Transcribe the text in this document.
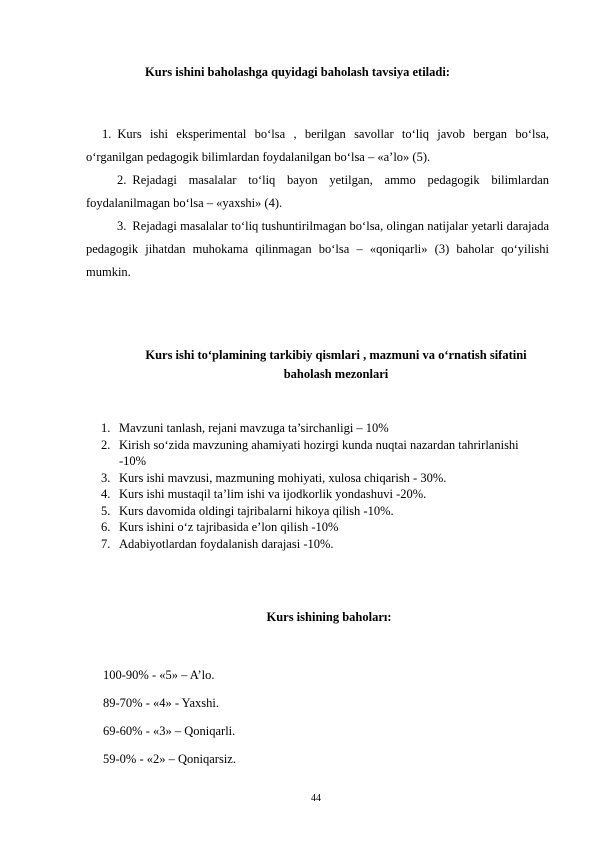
Kurs ishini baholashga quyidagi baholash tavsiya etiladi:
1. Kurs ishi eksperimental bo‘lsa , berilgan savollar to‘liq javob bergan bo‘lsa, o‘rganilgan pedagogik bilimlardan foydalanilgan bo‘lsa – «a’lo» (5).
2. Rejadagi masalalar to‘liq bayon yetilgan, ammo pedagogik bilimlardan foydalanilmagan bo‘lsa – «yaxshi» (4).
3. Rejadagi masalalar to‘liq tushuntirilmagan bo‘lsa, olingan natijalar yetarli darajada pedagogik jihatdan muhokama qilinmagan bo‘lsa – «qoniqarli» (3) baholar qo‘yilishi mumkin.
Kurs ishi to‘plamining tarkibiy qismlari , mazmuni va o‘rnatish sifatini
baholash mezonlari
1. Mavzuni tanlash, rejani mavzuga ta’sirchanligi – 10%
2. Kirish so‘zida mavzuning ahamiyati hozirgi kunda nuqtai nazardan tahrirlanishi -10%
3. Kurs ishi mavzusi, mazmuning mohiyati, xulosa chiqarish - 30%.
4. Kurs ishi mustaqil ta’lim ishi va ijodkorlik yondashuvi -20%.
5. Kurs davomida oldingi tajribalarni hikoya qilish -10%.
6. Kurs ishini o‘z tajribasida e’lon qilish -10%
7. Adabiyotlardan foydalanish darajasi -10%.
Kurs ishining bahoları:
100-90% - «5» – A’lo.
89-70% - «4» - Yaxshi.
69-60% - «3» – Qoniqarli.
59-0% - «2» – Qoniqarsiz.
44
